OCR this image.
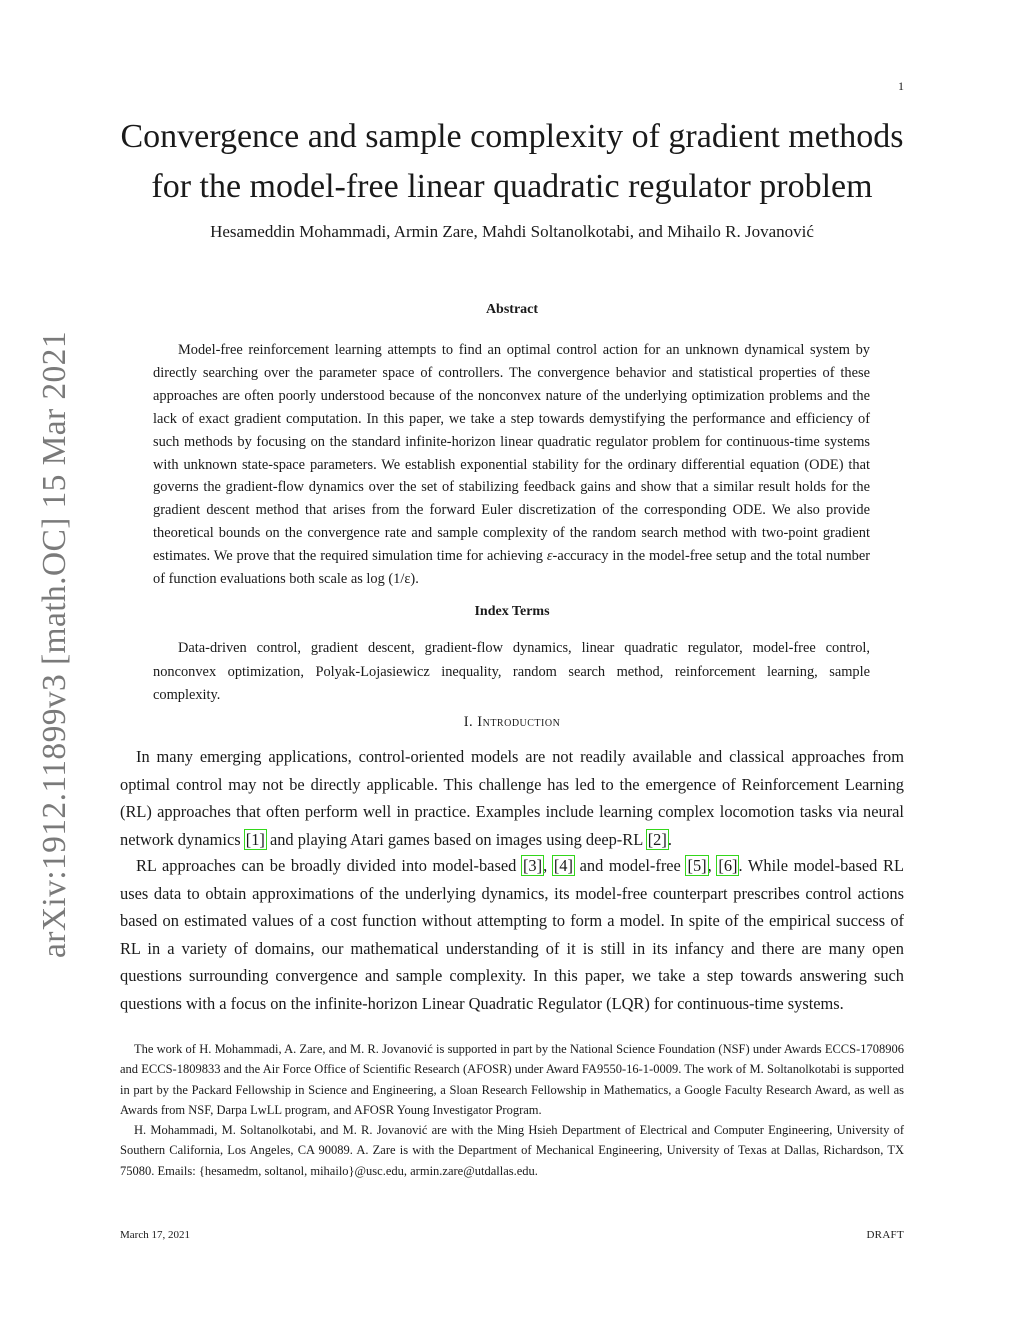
1
arXiv:1912.11899v3 [math.OC] 15 Mar 2021
Convergence and sample complexity of gradient methods
for the model-free linear quadratic regulator problem
Hesameddin Mohammadi, Armin Zare, Mahdi Soltanolkotabi, and Mihailo R. Jovanović
Abstract

Model-free reinforcement learning attempts to find an optimal control action for an unknown dynamical system by directly searching over the parameter space of controllers. The convergence behavior and statistical properties of these approaches are often poorly understood because of the nonconvex nature of the underlying optimization problems and the lack of exact gradient computation. In this paper, we take a step towards demystifying the performance and efficiency of such methods by focusing on the standard infinite-horizon linear quadratic regulator problem for continuous-time systems with unknown state-space parameters. We establish exponential stability for the ordinary differential equation (ODE) that governs the gradient-flow dynamics over the set of stabilizing feedback gains and show that a similar result holds for the gradient descent method that arises from the forward Euler discretization of the corresponding ODE. We also provide theoretical bounds on the convergence rate and sample complexity of the random search method with two-point gradient estimates. We prove that the required simulation time for achieving ε-accuracy in the model-free setup and the total number of function evaluations both scale as log (1/ε).

Index Terms

Data-driven control, gradient descent, gradient-flow dynamics, linear quadratic regulator, model-free control, nonconvex optimization, Polyak-Lojasiewicz inequality, random search method, reinforcement learning, sample complexity.

I. Introduction

In many emerging applications, control-oriented models are not readily available and classical approaches from optimal control may not be directly applicable. This challenge has led to the emergence of Reinforcement Learning (RL) approaches that often perform well in practice. Examples include learning complex locomotion tasks via neural network dynamics [1] and playing Atari games based on images using deep-RL [2].

RL approaches can be broadly divided into model-based [3], [4] and model-free [5], [6]. While model-based RL uses data to obtain approximations of the underlying dynamics, its model-free counterpart prescribes control actions based on estimated values of a cost function without attempting to form a model. In spite of the empirical success of RL in a variety of domains, our mathematical understanding of it is still in its infancy and there are many open questions surrounding convergence and sample complexity. In this paper, we take a step towards answering such questions with a focus on the infinite-horizon Linear Quadratic Regulator (LQR) for continuous-time systems.

The work of H. Mohammadi, A. Zare, and M. R. Jovanović is supported in part by the National Science Foundation (NSF) under Awards ECCS-1708906 and ECCS-1809833 and the Air Force Office of Scientific Research (AFOSR) under Award FA9550-16-1-0009. The work of M. Soltanolkotabi is supported in part by the Packard Fellowship in Science and Engineering, a Sloan Research Fellowship in Mathematics, a Google Faculty Research Award, as well as Awards from NSF, Darpa LwLL program, and AFOSR Young Investigator Program.

H. Mohammadi, M. Soltanolkotabi, and M. R. Jovanović are with the Ming Hsieh Department of Electrical and Computer Engineering, University of Southern California, Los Angeles, CA 90089. A. Zare is with the Department of Mechanical Engineering, University of Texas at Dallas, Richardson, TX 75080. Emails: {hesamedm, soltanol, mihailo}@usc.edu, armin.zare@utdallas.edu.

March 17, 2021	DRAFT
